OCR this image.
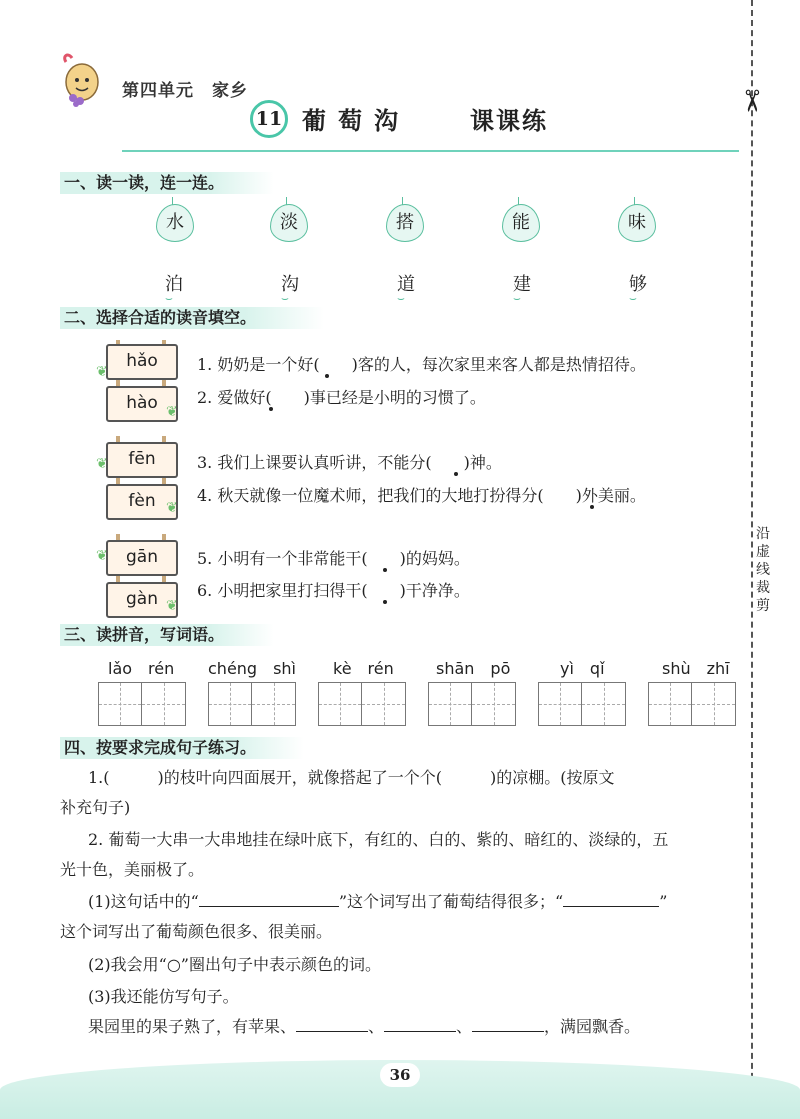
✂
沿虚线裁剪
第四单元　家乡
11 葡萄沟	课课练
一、读一读，连一连。
水	淡	搭	能	味
泊	沟	道	建	够
⌣	⌣	⌣	⌣	⌣
二、选择合适的读音填空。
hǎo
hào
❦
❦
fēn
fèn
❦
❦
gān
gàn
❦
❦
1. 奶奶是一个好(　　)客的人，每次家里来客人都是热情招待。
2. 爱做好(　　)事已经是小明的习惯了。
3. 我们上课要认真听讲，不能分(　　)神。
4. 秋天就像一位魔术师，把我们的大地打扮得分(　　)外美丽。
5. 小明有一个非常能干(　　)的妈妈。
6. 小明把家里打扫得干(　　)干净净。
三、读拼音，写词语。
lǎo　rén chéng　shì kè　rén	shān　pō	yì　qǐ	shù　zhī
四、按要求完成句子练习。
1.(　　　)的枝叶向四面展开，就像搭起了一个个(　　　)的凉棚。(按原文
补充句子)
2. 葡萄一大串一大串地挂在绿叶底下，有红的、白的、紫的、暗红的、淡绿的，五
光十色，美丽极了。
(1)这句话中的“	”这个词写出了葡萄结得很多；“	”
这个词写出了葡萄颜色很多、很美丽。
(2)我会用“○”圈出句子中表示颜色的词。
(3)我还能仿写句子。
果园里的果子熟了，有苹果、	、	、	，满园飘香。
36
